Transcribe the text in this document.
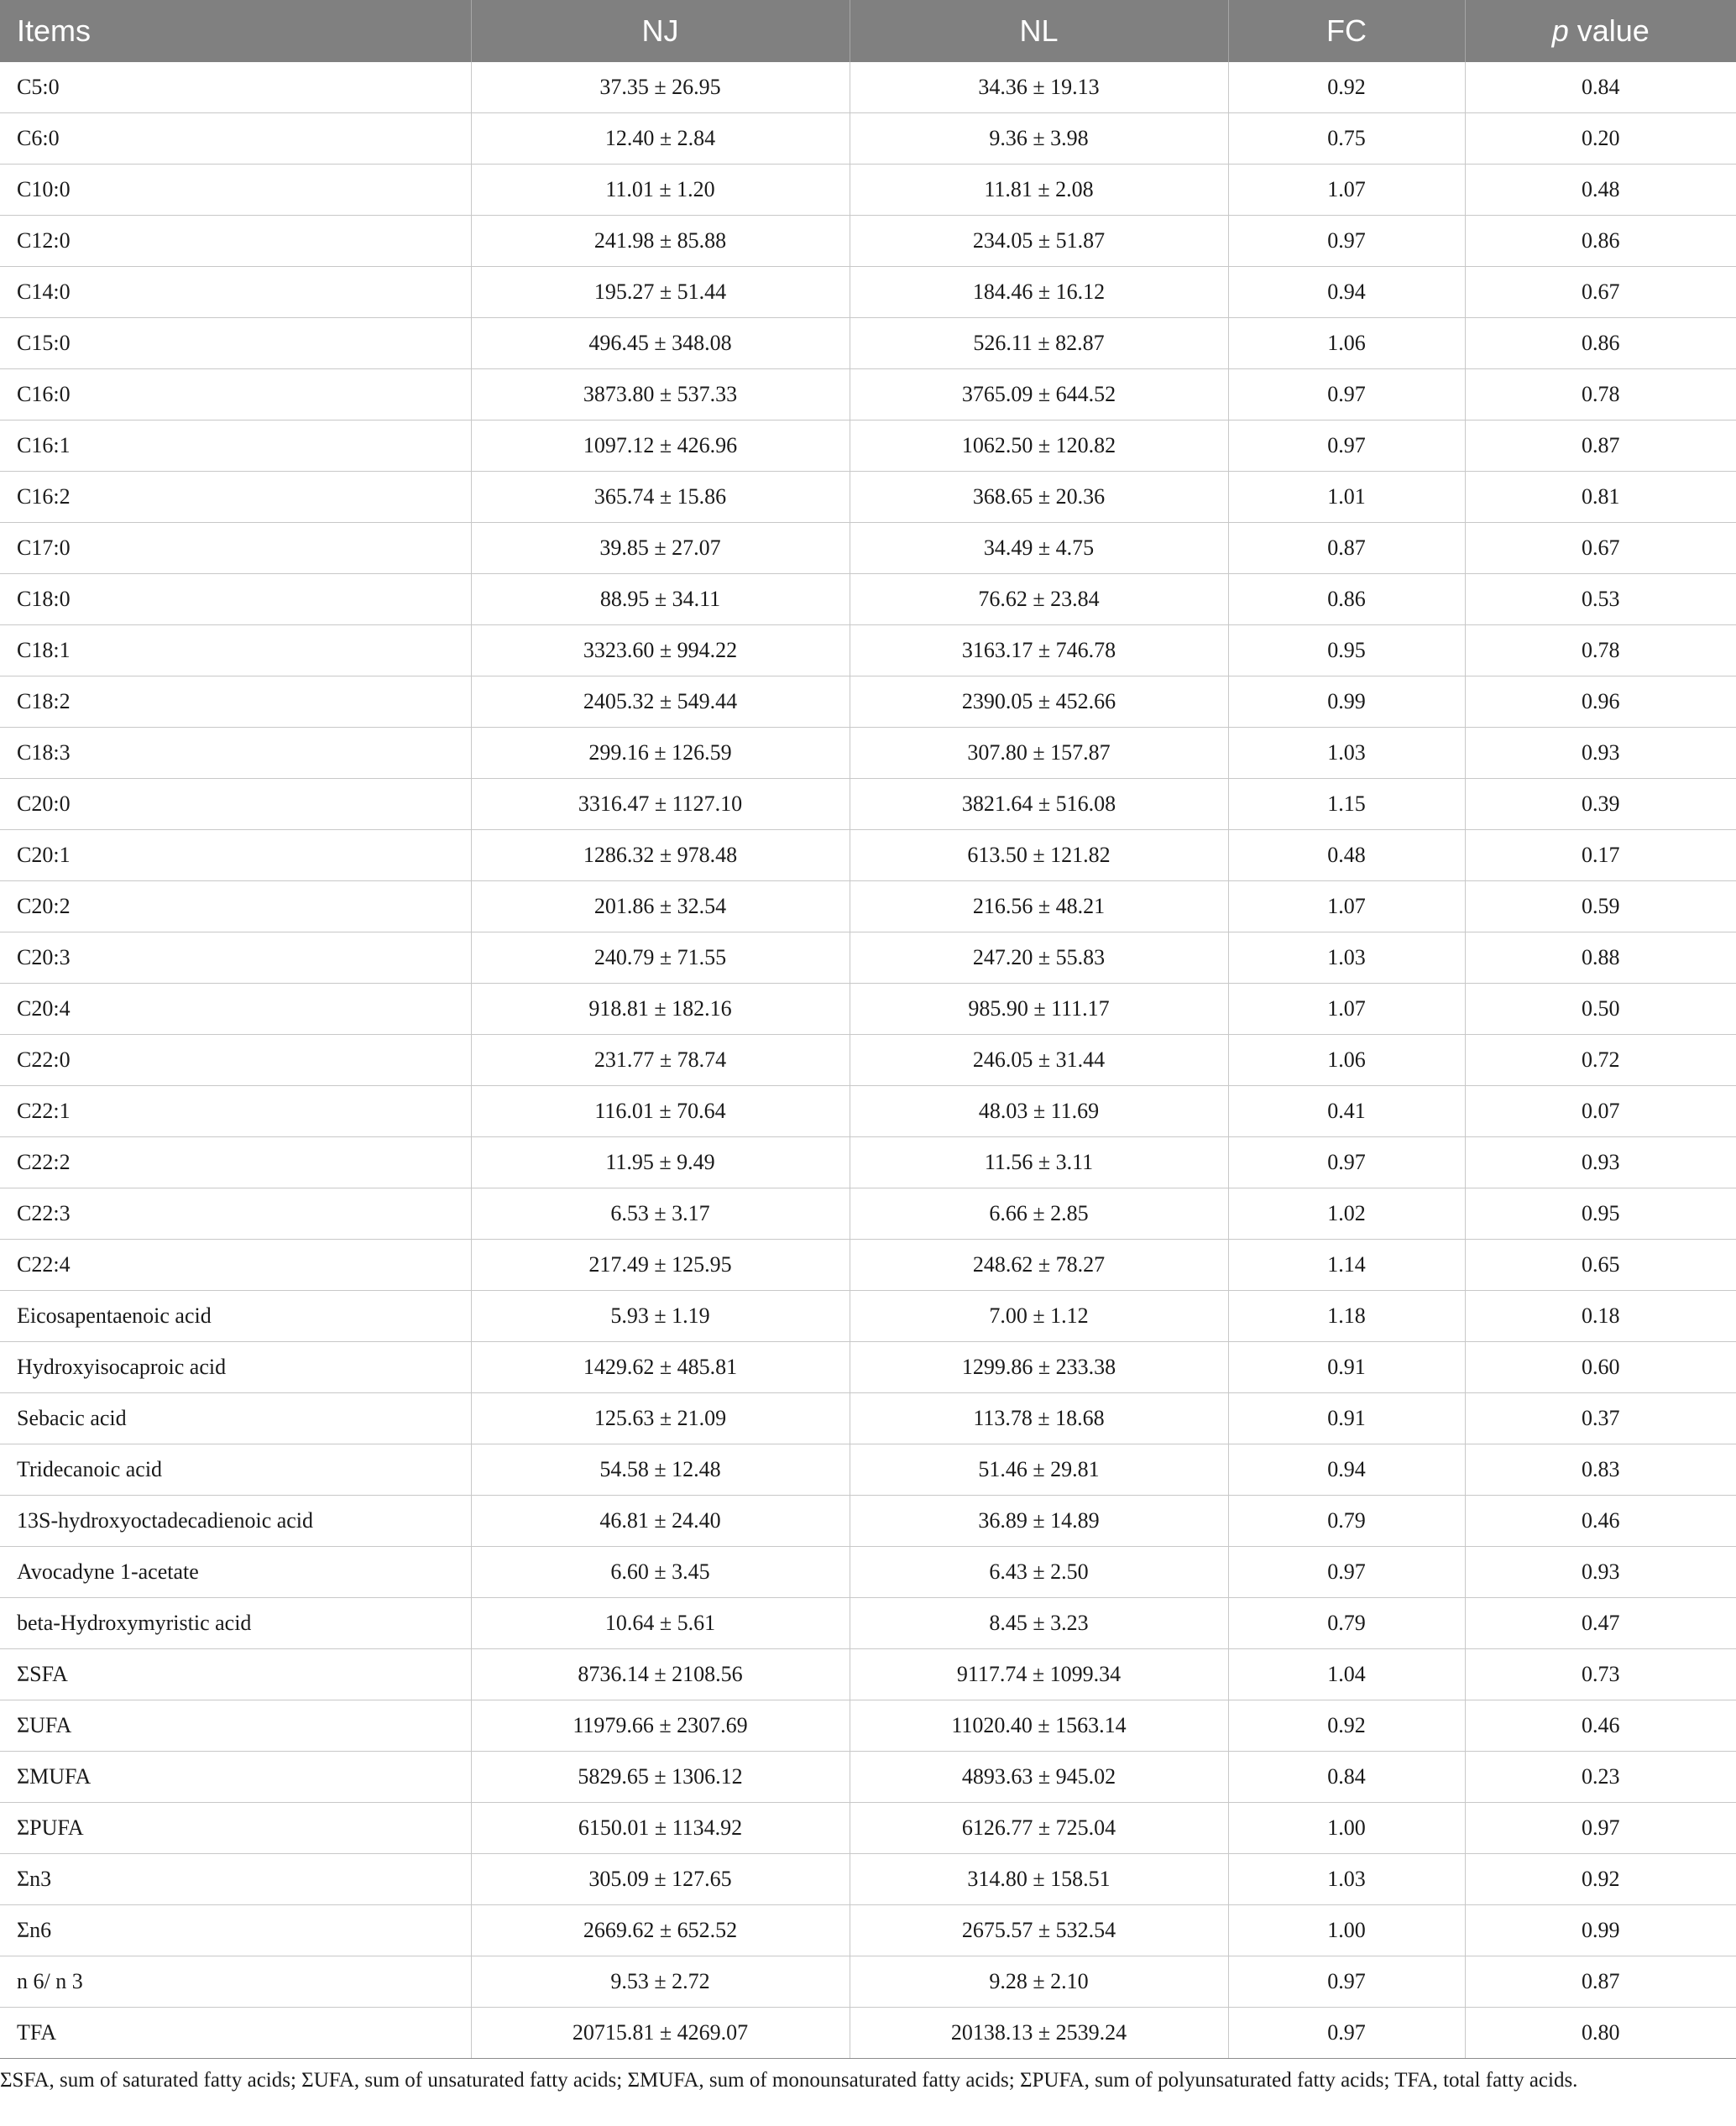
Items	NJ	NL	FC	p value
C5:0	37.35 ± 26.95	34.36 ± 19.13	0.92	0.84
C6:0	12.40 ± 2.84	9.36 ± 3.98	0.75	0.20
C10:0	11.01 ± 1.20	11.81 ± 2.08	1.07	0.48
C12:0	241.98 ± 85.88	234.05 ± 51.87	0.97	0.86
C14:0	195.27 ± 51.44	184.46 ± 16.12	0.94	0.67
C15:0	496.45 ± 348.08	526.11 ± 82.87	1.06	0.86
C16:0	3873.80 ± 537.33	3765.09 ± 644.52	0.97	0.78
C16:1	1097.12 ± 426.96	1062.50 ± 120.82	0.97	0.87
C16:2	365.74 ± 15.86	368.65 ± 20.36	1.01	0.81
C17:0	39.85 ± 27.07	34.49 ± 4.75	0.87	0.67
C18:0	88.95 ± 34.11	76.62 ± 23.84	0.86	0.53
C18:1	3323.60 ± 994.22	3163.17 ± 746.78	0.95	0.78
C18:2	2405.32 ± 549.44	2390.05 ± 452.66	0.99	0.96
C18:3	299.16 ± 126.59	307.80 ± 157.87	1.03	0.93
C20:0	3316.47 ± 1127.10	3821.64 ± 516.08	1.15	0.39
C20:1	1286.32 ± 978.48	613.50 ± 121.82	0.48	0.17
C20:2	201.86 ± 32.54	216.56 ± 48.21	1.07	0.59
C20:3	240.79 ± 71.55	247.20 ± 55.83	1.03	0.88
C20:4	918.81 ± 182.16	985.90 ± 111.17	1.07	0.50
C22:0	231.77 ± 78.74	246.05 ± 31.44	1.06	0.72
C22:1	116.01 ± 70.64	48.03 ± 11.69	0.41	0.07
C22:2	11.95 ± 9.49	11.56 ± 3.11	0.97	0.93
C22:3	6.53 ± 3.17	6.66 ± 2.85	1.02	0.95
C22:4	217.49 ± 125.95	248.62 ± 78.27	1.14	0.65
Eicosapentaenoic acid	5.93 ± 1.19	7.00 ± 1.12	1.18	0.18
Hydroxyisocaproic acid	1429.62 ± 485.81	1299.86 ± 233.38	0.91	0.60
Sebacic acid	125.63 ± 21.09	113.78 ± 18.68	0.91	0.37
Tridecanoic acid	54.58 ± 12.48	51.46 ± 29.81	0.94	0.83
13S-hydroxyoctadecadienoic acid	46.81 ± 24.40	36.89 ± 14.89	0.79	0.46
Avocadyne 1-acetate	6.60 ± 3.45	6.43 ± 2.50	0.97	0.93
beta-Hydroxymyristic acid	10.64 ± 5.61	8.45 ± 3.23	0.79	0.47
ΣSFA	8736.14 ± 2108.56	9117.74 ± 1099.34	1.04	0.73
ΣUFA	11979.66 ± 2307.69	11020.40 ± 1563.14	0.92	0.46
ΣMUFA	5829.65 ± 1306.12	4893.63 ± 945.02	0.84	0.23
ΣPUFA	6150.01 ± 1134.92	6126.77 ± 725.04	1.00	0.97
Σn3	305.09 ± 127.65	314.80 ± 158.51	1.03	0.92
Σn6	2669.62 ± 652.52	2675.57 ± 532.54	1.00	0.99
n 6/ n 3	9.53 ± 2.72	9.28 ± 2.10	0.97	0.87
TFA	20715.81 ± 4269.07	20138.13 ± 2539.24	0.97	0.80
ΣSFA, sum of saturated fatty acids; ΣUFA, sum of unsaturated fatty acids; ΣMUFA, sum of monounsaturated fatty acids; ΣPUFA, sum of polyunsaturated fatty acids; TFA, total fatty acids.
